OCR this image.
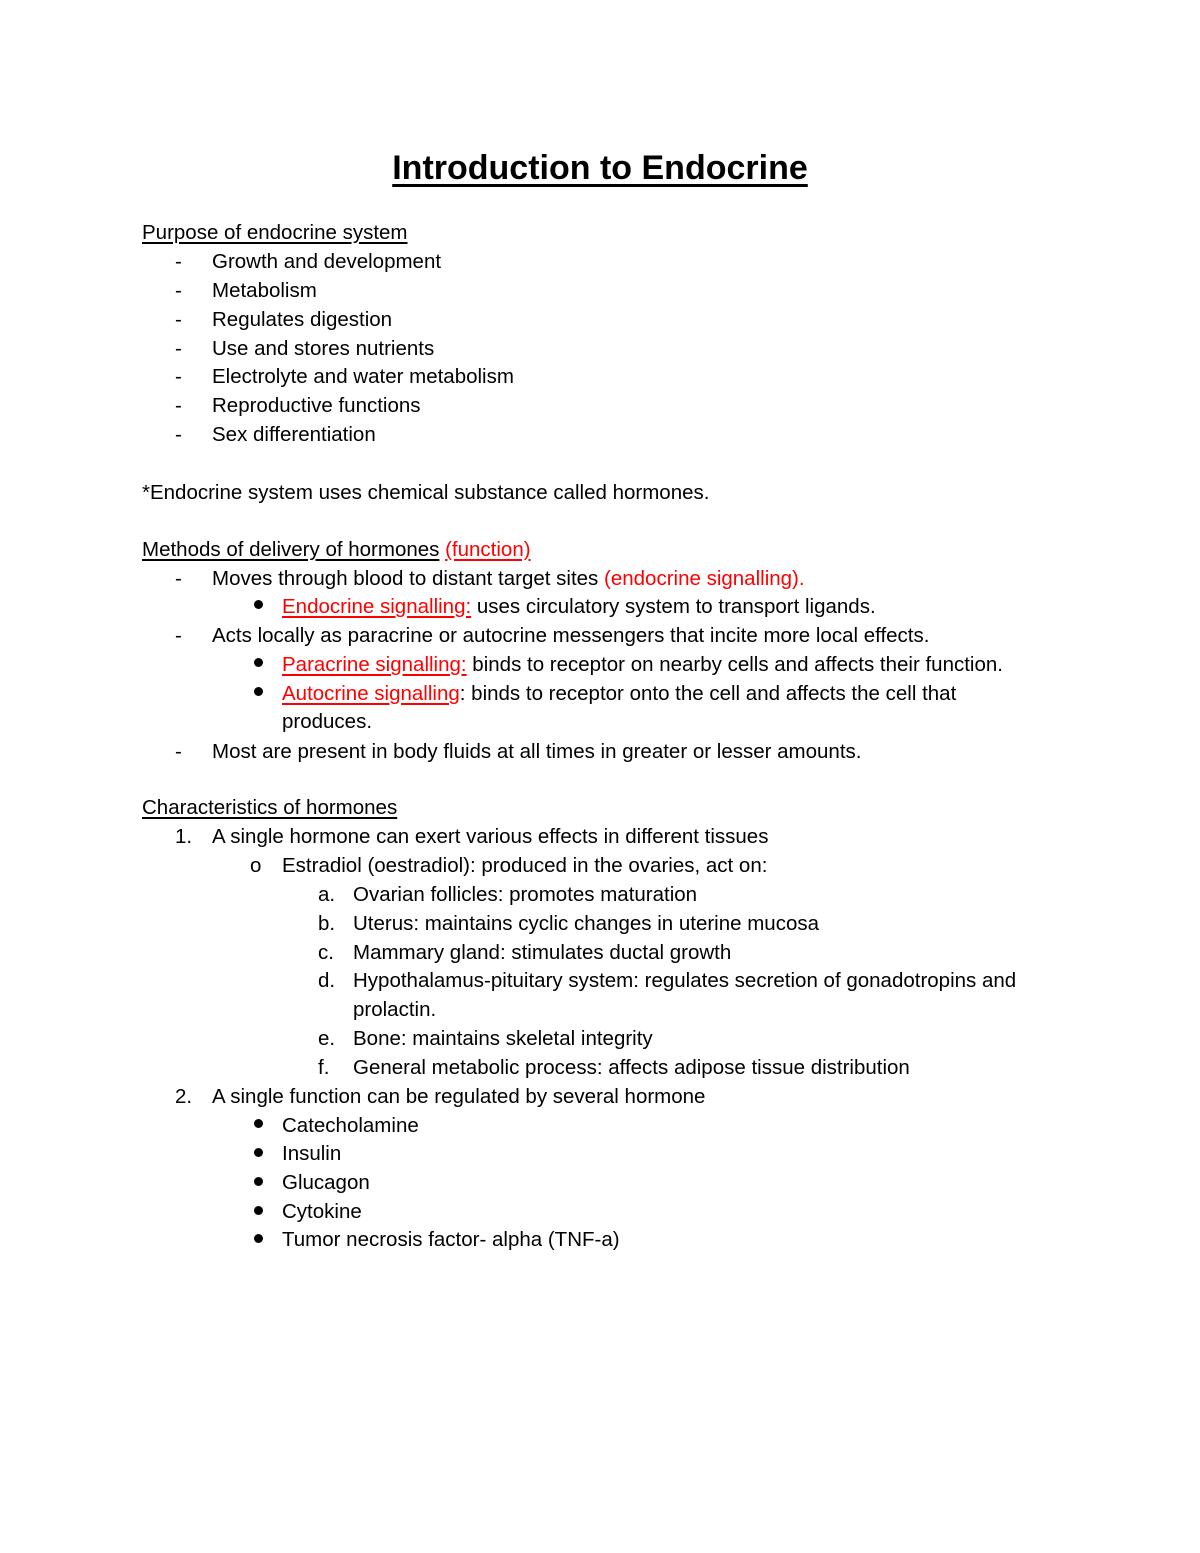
Introduction to Endocrine
Purpose of endocrine system
- Growth and development
- Metabolism
- Regulates digestion
- Use and stores nutrients
- Electrolyte and water metabolism
- Reproductive functions
- Sex differentiation
*Endocrine system uses chemical substance called hormones.
Methods of delivery of hormones (function)
- Moves through blood to distant target sites (endocrine signalling).
Endocrine signalling: uses circulatory system to transport ligands.
- Acts locally as paracrine or autocrine messengers that incite more local effects.
Paracrine signalling: binds to receptor on nearby cells and affects their function.
Autocrine signalling: binds to receptor onto the cell and affects the cell that
produces.
- Most are present in body fluids at all times in greater or lesser amounts.
Characteristics of hormones
1. A single hormone can exert various effects in different tissues
o Estradiol (oestradiol): produced in the ovaries, act on:
a. Ovarian follicles: promotes maturation
b. Uterus: maintains cyclic changes in uterine mucosa
c. Mammary gland: stimulates ductal growth
d. Hypothalamus-pituitary system: regulates secretion of gonadotropins and
prolactin.
e. Bone: maintains skeletal integrity
f. General metabolic process: affects adipose tissue distribution
2. A single function can be regulated by several hormone
Catecholamine
Insulin
Glucagon
Cytokine
Tumor necrosis factor- alpha (TNF-a)
